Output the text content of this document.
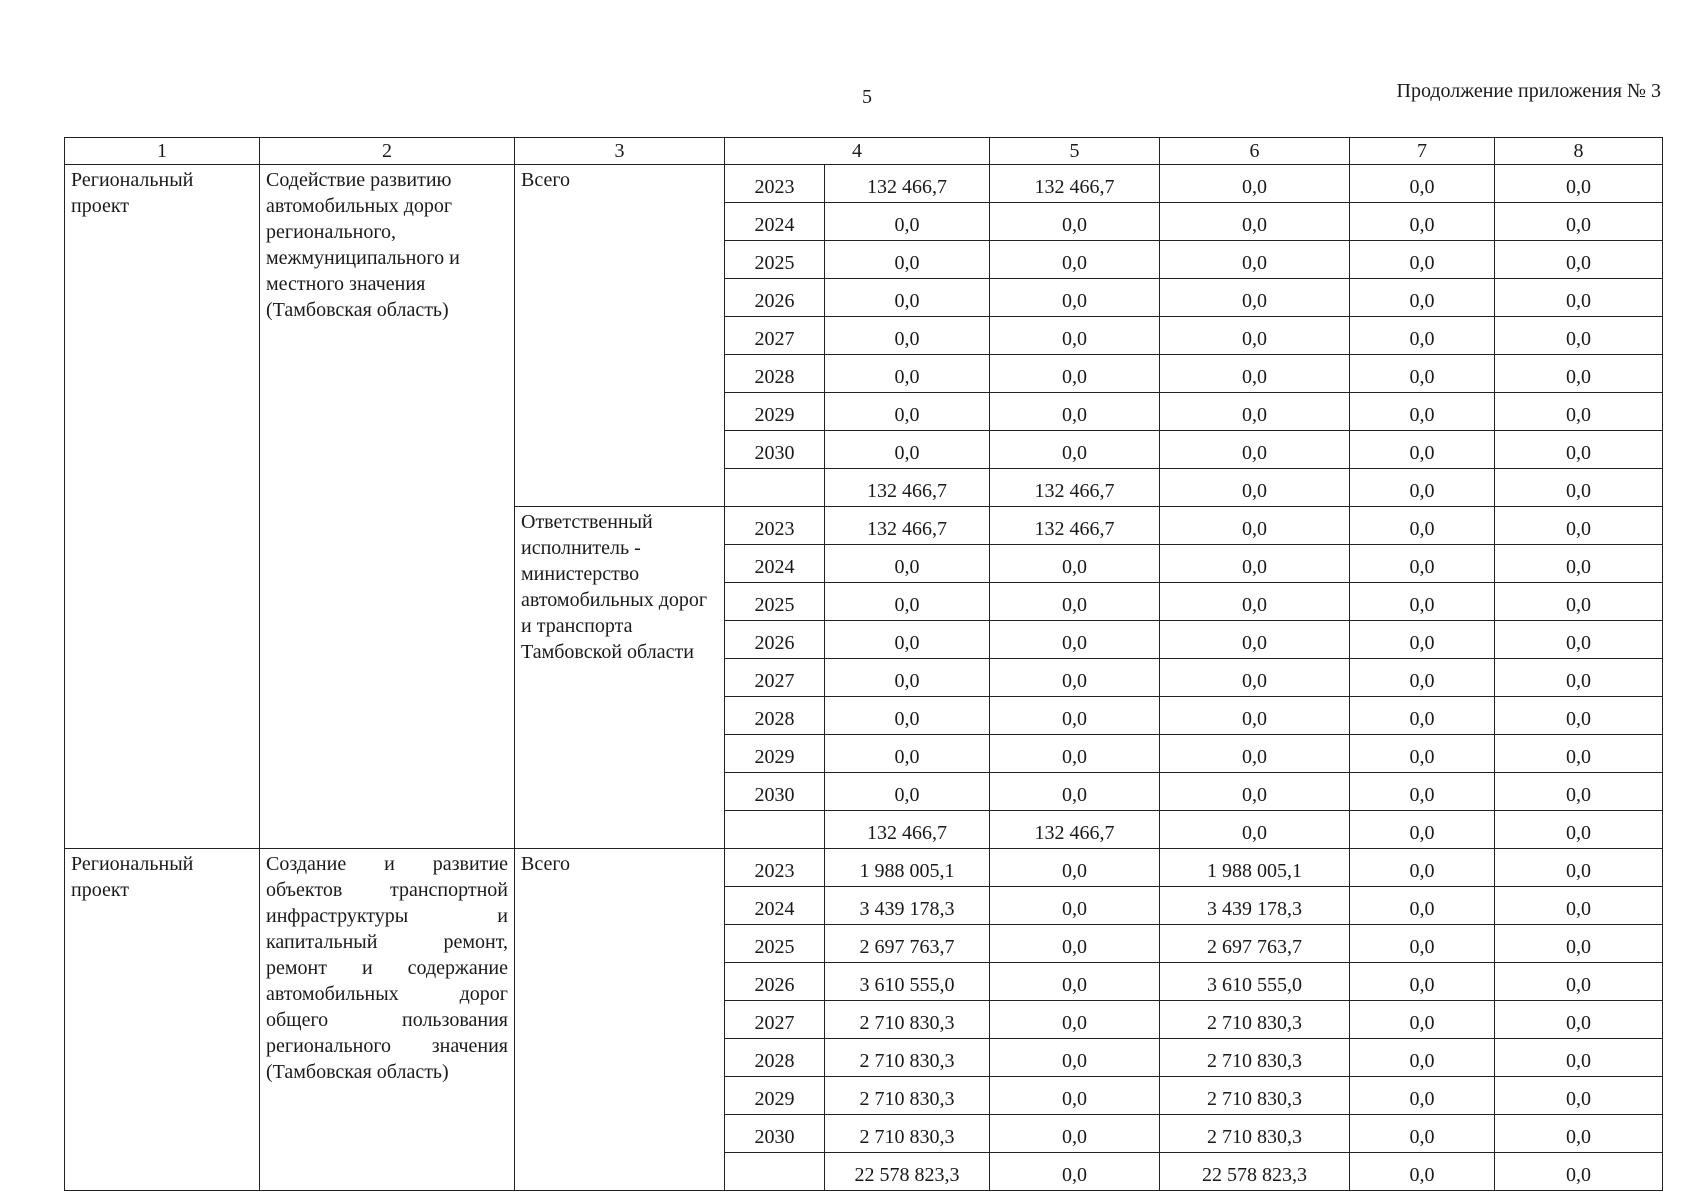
5	Продолжение приложения № 3
1	2	3	4		5	6	7	8
Региональный проект	Содействие развитию автомобильных дорог регионального, межмуниципального и местного значения (Тамбовская область)	Всего	2023	132 466,7	132 466,7	0,0	0,0	0,0
			2024	0,0	0,0	0,0	0,0	0,0
			2025	0,0	0,0	0,0	0,0	0,0
			2026	0,0	0,0	0,0	0,0	0,0
			2027	0,0	0,0	0,0	0,0	0,0
			2028	0,0	0,0	0,0	0,0	0,0
			2029	0,0	0,0	0,0	0,0	0,0
			2030	0,0	0,0	0,0	0,0	0,0
				132 466,7	132 466,7	0,0	0,0	0,0
		Ответственный исполнитель - министерство автомобильных дорог и транспорта Тамбовской области	2023	132 466,7	132 466,7	0,0	0,0	0,0
			2024	0,0	0,0	0,0	0,0	0,0
			2025	0,0	0,0	0,0	0,0	0,0
			2026	0,0	0,0	0,0	0,0	0,0
			2027	0,0	0,0	0,0	0,0	0,0
			2028	0,0	0,0	0,0	0,0	0,0
			2029	0,0	0,0	0,0	0,0	0,0
			2030	0,0	0,0	0,0	0,0	0,0
				132 466,7	132 466,7	0,0	0,0	0,0
Региональный проект	Создание и развитие объектов транспортной инфраструктуры и капитальный ремонт, ремонт и содержание автомобильных дорог общего пользования регионального значения (Тамбовская область)	Всего	2023	1 988 005,1	0,0	1 988 005,1	0,0	0,0
			2024	3 439 178,3	0,0	3 439 178,3	0,0	0,0
			2025	2 697 763,7	0,0	2 697 763,7	0,0	0,0
			2026	3 610 555,0	0,0	3 610 555,0	0,0	0,0
			2027	2 710 830,3	0,0	2 710 830,3	0,0	0,0
			2028	2 710 830,3	0,0	2 710 830,3	0,0	0,0
			2029	2 710 830,3	0,0	2 710 830,3	0,0	0,0
			2030	2 710 830,3	0,0	2 710 830,3	0,0	0,0
				22 578 823,3	0,0	22 578 823,3	0,0	0,0
